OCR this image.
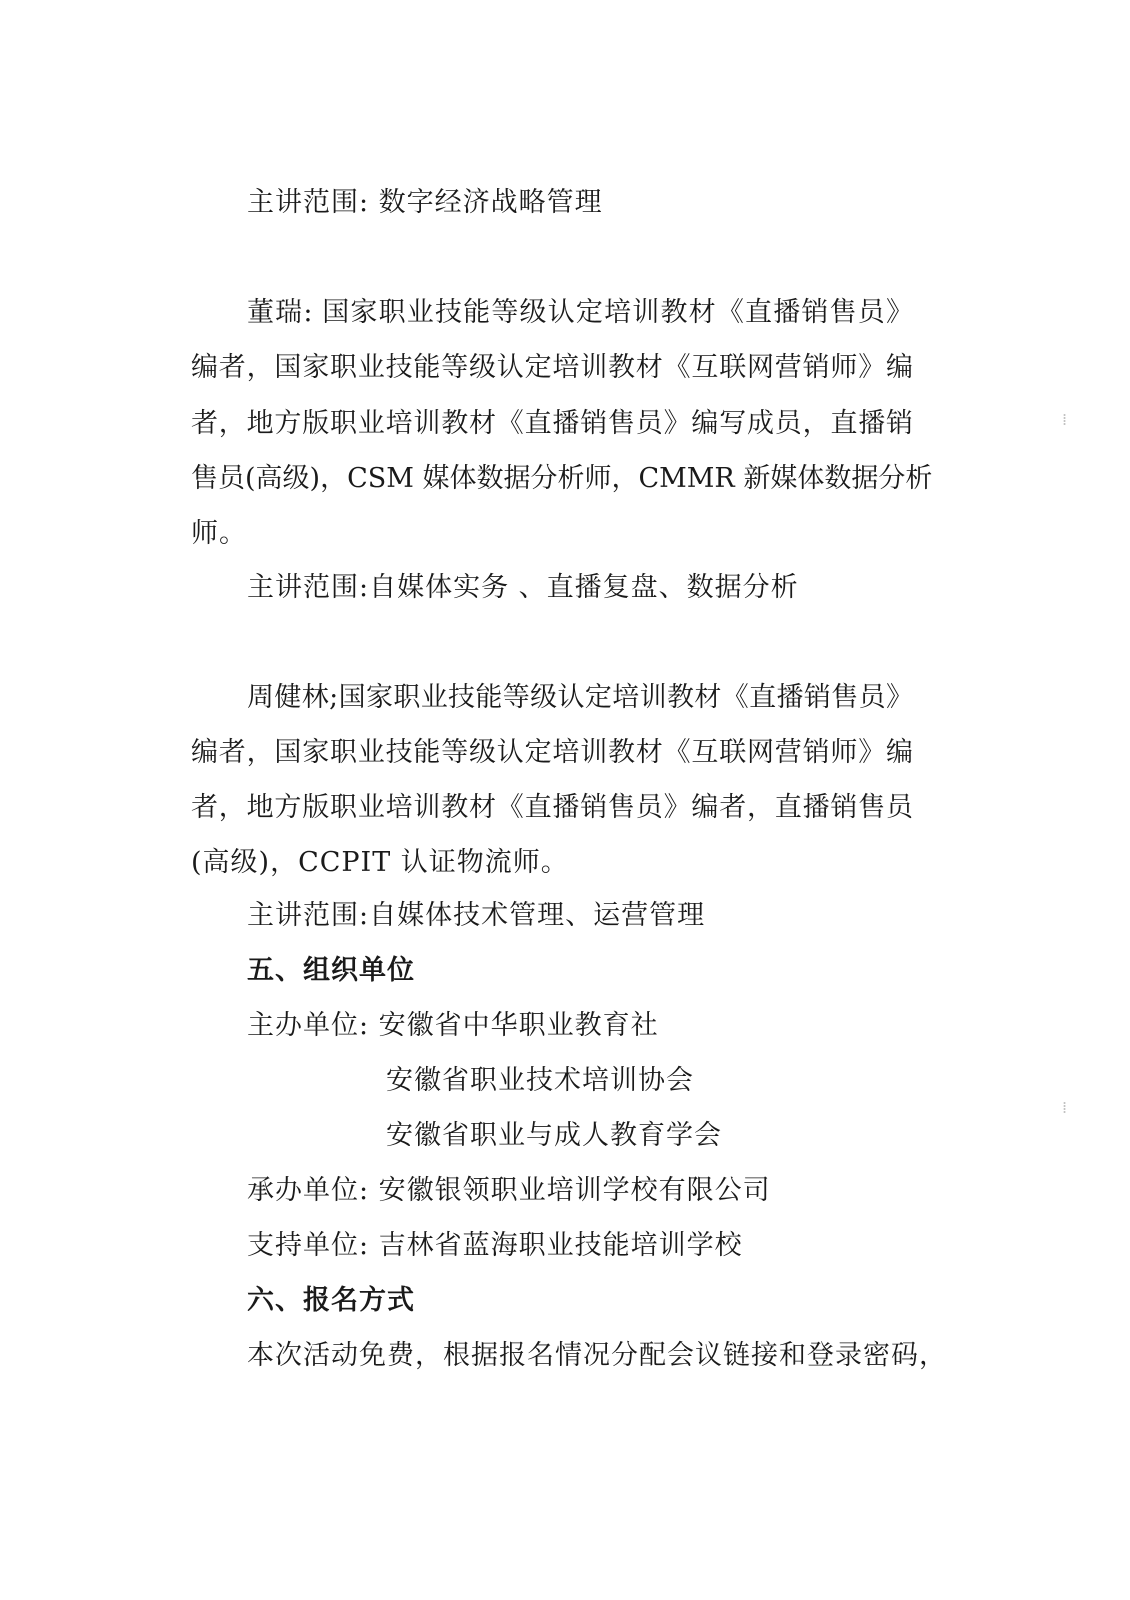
主讲范围: 数字经济战略管理
董瑞: 国家职业技能等级认定培训教材《直播销售员》
编者，国家职业技能等级认定培训教材《互联网营销师》编
者，地方版职业培训教材《直播销售员》编写成员，直播销
售员(高级)，CSM 媒体数据分析师，CMMR 新媒体数据分析
师。
主讲范围:自媒体实务 、直播复盘、数据分析
周健林;国家职业技能等级认定培训教材《直播销售员》
编者，国家职业技能等级认定培训教材《互联网营销师》编
者，地方版职业培训教材《直播销售员》编者，直播销售员
(高级)，CCPIT 认证物流师。
主讲范围:自媒体技术管理、运营管理
五、组织单位
主办单位: 安徽省中华职业教育社
安徽省职业技术培训协会
安徽省职业与成人教育学会
承办单位: 安徽银领职业培训学校有限公司
支持单位: 吉林省蓝海职业技能培训学校
六、报名方式
本次活动免费，根据报名情况分配会议链接和登录密码，
⁞
⁞
